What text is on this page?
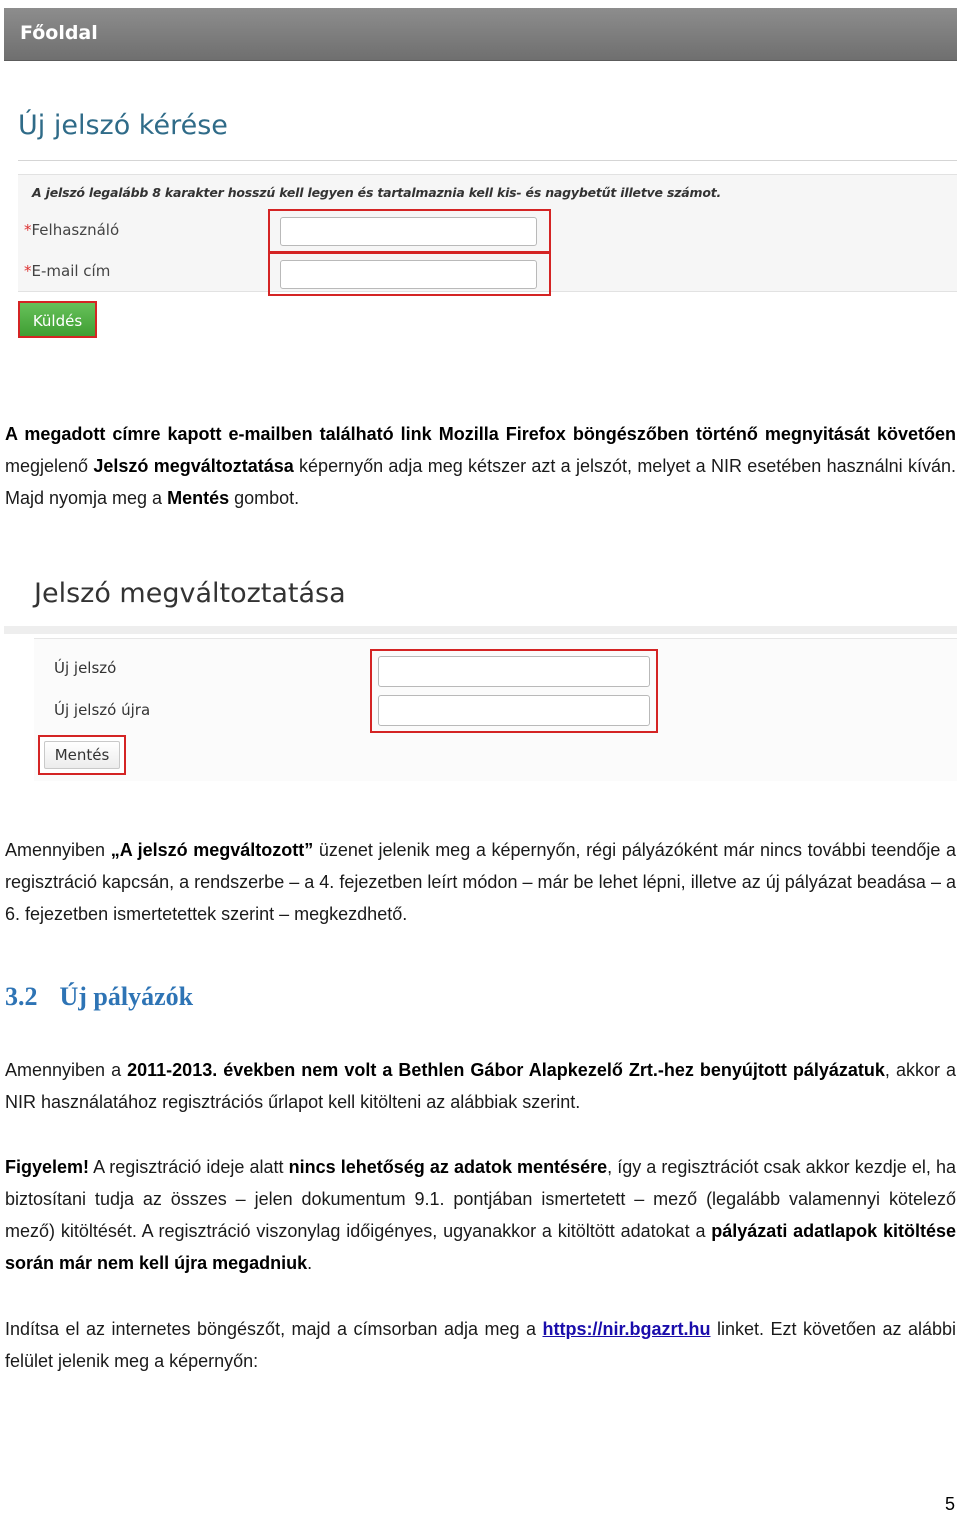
Főoldal
Új jelszó kérése
A jelszó legalább 8 karakter hosszú kell legyen és tartalmaznia kell kis- és nagybetűt illetve számot.
*Felhasználó
*E-mail cím
Küldés
A megadott címre kapott e-mailben található link Mozilla Firefox böngészőben történő megnyitását követően megjelenő Jelszó megváltoztatása képernyőn adja meg kétszer azt a jelszót, melyet a NIR esetében használni kíván. Majd nyomja meg a Mentés gombot.
Jelszó megváltoztatása
Új jelszó
Új jelszó újra
Mentés
Amennyiben „A jelszó megváltozott” üzenet jelenik meg a képernyőn, régi pályázóként már nincs további teendője a regisztráció kapcsán, a rendszerbe – a 4. fejezetben leírt módon – már be lehet lépni, illetve az új pályázat beadása – a 6. fejezetben ismertetettek szerint – megkezdhető.
3.2 Új pályázók
Amennyiben a 2011-2013. években nem volt a Bethlen Gábor Alapkezelő Zrt.-hez benyújtott pályázatuk, akkor a NIR használatához regisztrációs űrlapot kell kitölteni az alábbiak szerint.
Figyelem! A regisztráció ideje alatt nincs lehetőség az adatok mentésére, így a regisztrációt csak akkor kezdje el, ha biztosítani tudja az összes – jelen dokumentum 9.1. pontjában ismertetett – mező (legalább valamennyi kötelező mező) kitöltését. A regisztráció viszonylag időigényes, ugyanakkor a kitöltött adatokat a pályázati adatlapok kitöltése során már nem kell újra megadniuk.
Indítsa el az internetes böngészőt, majd a címsorban adja meg a https://nir.bgazrt.hu linket. Ezt követően az alábbi felület jelenik meg a képernyőn:
5
